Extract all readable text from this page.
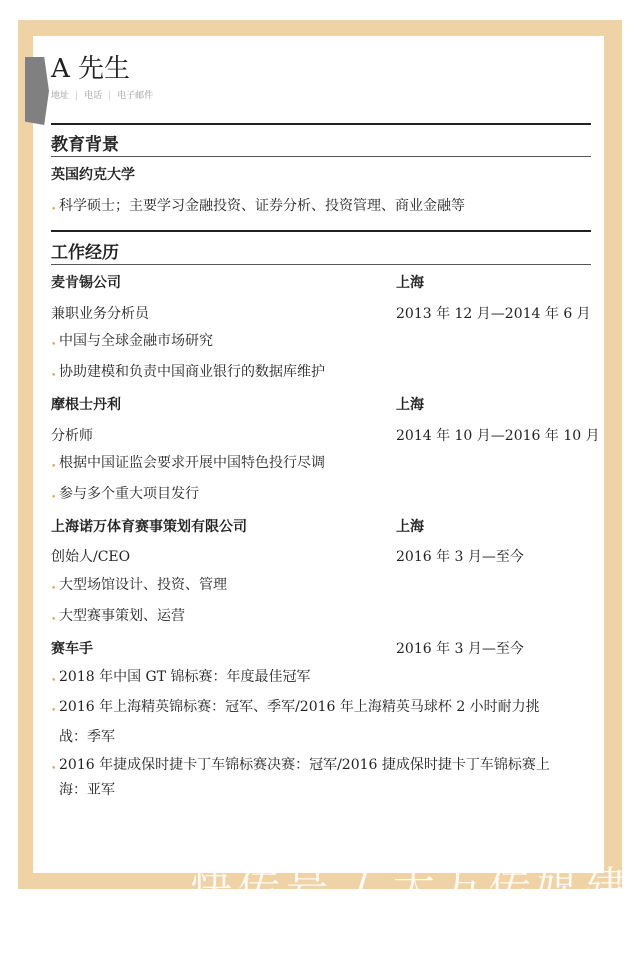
A 先生
地址 | 电话 | 电子邮件
教育背景
英国约克大学
• 科学硕士；主要学习金融投资、证券分析、投资管理、商业金融等
工作经历
麦肯锡公司	上海
兼职业务分析员	2013 年 12 月—2014 年 6 月
• 中国与全球金融市场研究
• 协助建模和负责中国商业银行的数据库维护
摩根士丹利	上海
分析师	2014 年 10 月—2016 年 10 月
• 根据中国证监会要求开展中国特色投行尽调
• 参与多个重大项目发行
上海诺万体育赛事策划有限公司	上海
创始人/CEO	2016 年 3 月—至今
• 大型场馆设计、投资、管理
• 大型赛事策划、运营
赛车手	2016 年 3 月—至今
• 2018 年中国 GT 锦标赛：年度最佳冠军
• 2016 年上海精英锦标赛：冠军、季军/2016 年上海精英马球杯 2 小时耐力挑
战：季军
• 2016 年捷成保时捷卡丁车锦标赛决赛：冠军/2016 捷成保时捷卡丁车锦标赛上
海：亚军
快传号 / 大万传媒建桥
